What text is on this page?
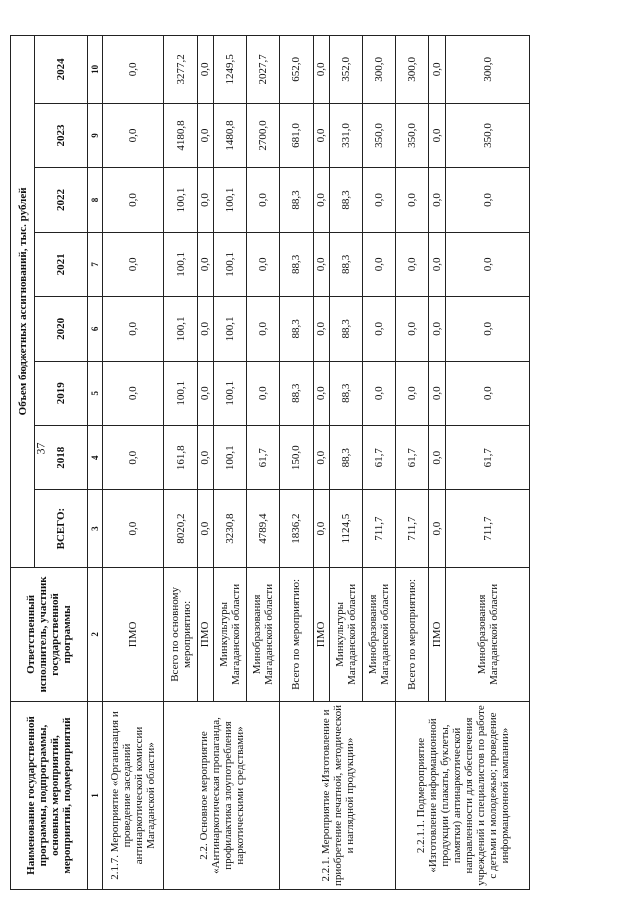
37
Наименование государственной программы, подпрограммы, основных мероприятий, мероприятий, подмероприятий	Ответственный исполнитель, участник государственной программы	Объем бюджетных ассигнований, тыс. рублей							
		ВСЕГО:	2018	2019	2020	2021	2022	2023	2024
1	2	3	4	5	6	7	8	9	10
2.1.7. Мероприятие «Организация и проведение заседаний антинаркотической комиссии Магаданской области»	ПМО	0,0	0,0	0,0	0,0	0,0	0,0	0,0	0,0
2.2. Основное мероприятие «Антинаркотическая пропаганда, профилактика злоупотребления наркотическими средствами»	Всего по основному мероприятию:	8020,2	161,8	100,1	100,1	100,1	100,1	4180,8	3277,2
	ПМО	0,0	0,0	0,0	0,0	0,0	0,0	0,0	0,0
	Минкультуры Магаданской области	3230,8	100,1	100,1	100,1	100,1	100,1	1480,8	1249,5
	Минобразования Магаданской области	4789,4	61,7	0,0	0,0	0,0	0,0	2700,0	2027,7
2.2.1. Мероприятие «Изготовление и приобретение печатной, методической и наглядной продукции»	Всего по мероприятию:	1836,2	150,0	88,3	88,3	88,3	88,3	681,0	652,0
	ПМО	0,0	0,0	0,0	0,0	0,0	0,0	0,0	0,0
	Минкультуры Магаданской области	1124,5	88,3	88,3	88,3	88,3	88,3	331,0	352,0
	Минобразования Магаданской области	711,7	61,7	0,0	0,0	0,0	0,0	350,0	300,0
2.2.1.1. Подмероприятие «Изготовление информационной продукции (плакаты, буклеты, памятки) антинаркотической направленности для обеспечения учреждений и специалистов по работе с детьми и молодежью; проведение информационной кампании»	Всего по мероприятию:	711,7	61,7	0,0	0,0	0,0	0,0	350,0	300,0
	ПМО	0,0	0,0	0,0	0,0	0,0	0,0	0,0	0,0
	Минобразования Магаданской области	711,7	61,7	0,0	0,0	0,0	0,0	350,0	300,0
